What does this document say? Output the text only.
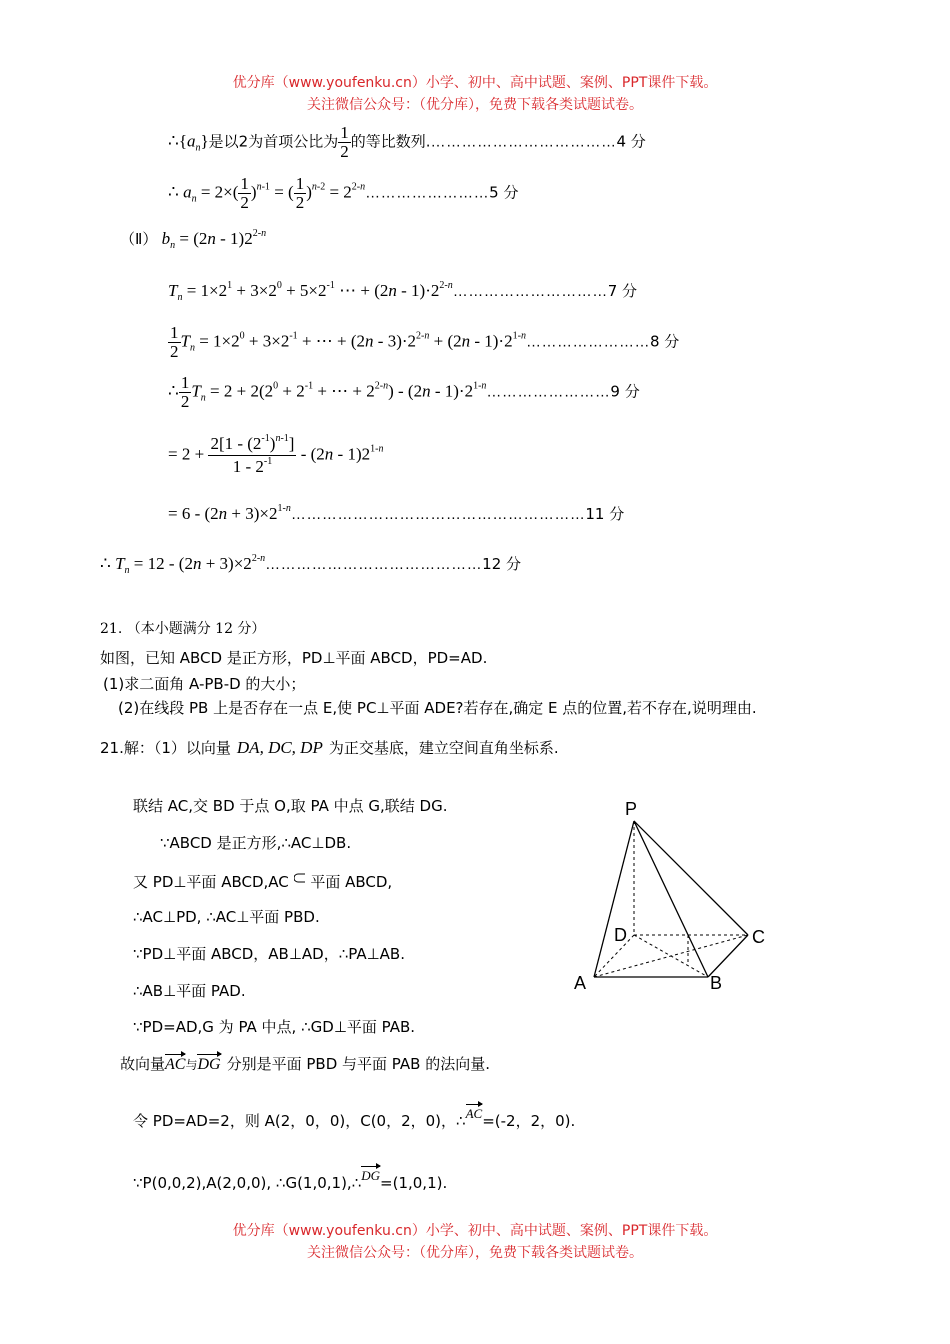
优分库（www.youfenku.cn）小学、初中、高中试题、案例、PPT课件下载。
关注微信公众号：（优分库），免费下载各类试题试卷。
$\therefore\{a_n\}$是以2为首项公比为 $\frac{1}{2}$ 的等比数列.………………………………4 分
∴ $a_n = 2\times( \frac{1}{2} )^{n-1}$ = ( $\frac{1}{2} )^{n-2}$ = $2^{2-n}\dots\dots\dots\dots\dots\dots\dots\dots 5$ 分
（Ⅱ） $b_n = (2n - 1)2^{2-n}$
$T_n = 1\times 2^1 + 3\times 2^0 + 5\times 2^{-1}$ ⋯ + $(2n - 1)\cdot 2^{2-n}\dots\dots\dots\dots\dots\dots\dots\dots\dots\dots 7$ 分
$\frac{1}{2} T_n = 1\times 2^0 + 3\times 2^{-1}$ + ⋯ + $(2n - 3)\cdot 2^{2-n} + (2n$ - $1)\cdot 2^{1-n}\dots\dots\dots\dots\dots\dots\dots\dots 8$ 分
∴ $\frac{1}{2} T_n = 2 + 2(2^0 + 2^{-1}$ + ⋯ + $2^{2-n}) - (2n$ - $1)\cdot 2^{1-n}\dots\dots\dots\dots\dots\dots\dots\dots 9$ 分
= $2 + \frac{2[1 - (2^{-1})^{n-1}]}{1 - 2^{-1}} - (2n - 1)2^{1-n}$
= $6 - (2n + 3)\times 2^{1-n}\dots\dots\dots\dots\dots\dots\dots\dots\dots\dots\dots\dots\dots\dots\dots\dots\dots\dots\dots 11$ 分
∴ $T_n = 12 - (2n$ + $3)\times 2^{2-n}\dots\dots\dots\dots\dots\dots\dots\dots\dots\dots\dots\dots\dots\dots 12$ 分
21. （本小题满分 12 分）
如图，已知 ABCD 是正方形，PD⊥平面 ABCD，PD=AD.
(1)求二面角 A-PB-D 的大小；
(2)在线段 PB 上是否存在一点 E,使 PC⊥平面 ADE?若存在,确定 E 点的位置,若不存在,说明理由.
21.解：（1）以向量 DA, DC, DP 为正交基底，建立空间直角坐标系.
联结 AC,交 BD 于点 O,取 PA 中点 G,联结 DG.
∵ABCD 是正方形,∴AC⊥DB.
又 PD⊥平面 ABCD,AC 平面 ABCD,
∴AC⊥PD, ∴AC⊥平面 PBD.
∵PD⊥平面 ABCD，AB⊥AD，∴PA⊥AB.
∴AB⊥平面 PAD.
∵PD=AD,G 为 PA 中点, ∴GD⊥平面 PAB.
故向量AC与DG 分别是平面 PBD 与平面 PAB 的法向量.
令 PD=AD=2，则 A(2，0，0)，C(0，2，0)，∴AC=(-2，2，0).
∵P(0,0,2),A(2,0,0), ∴G(1,0,1),∴DG=(1,0,1).
P
D	C
A	B
优分库（www.youfenku.cn）小学、初中、高中试题、案例、PPT课件下载。
关注微信公众号：（优分库），免费下载各类试题试卷。
